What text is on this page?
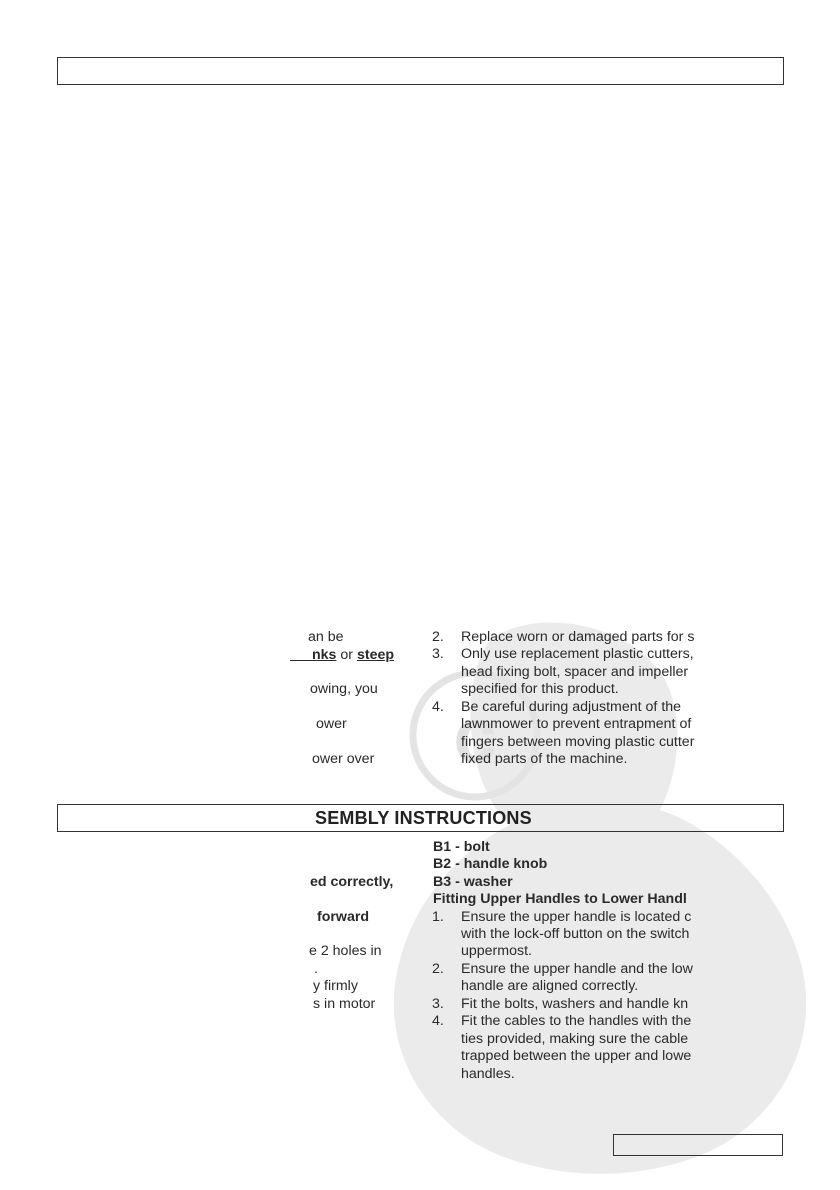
c
an be
nks or steep
owing, you
ower
ower over
2. Replace worn or damaged parts for s
3. Only use replacement plastic cutters,
head fixing bolt, spacer and impeller
specified for this product.
4. Be careful during adjustment of the
lawnmower to prevent entrapment of
fingers between moving plastic cutter
fixed parts of the machine.
SEMBLY INSTRUCTIONS
ed correctly,
forward
e 2 holes in
.
y firmly
s in motor
B1 - bolt
B2 - handle knob
B3 - washer
Fitting Upper Handles to Lower Handl
1. Ensure the upper handle is located c
with the lock-off button on the switch
uppermost.
2. Ensure the upper handle and the low
handle are aligned correctly.
3. Fit the bolts, washers and handle kn
4. Fit the cables to the handles with the
ties provided, making sure the cable
trapped between the upper and lowe
handles.
